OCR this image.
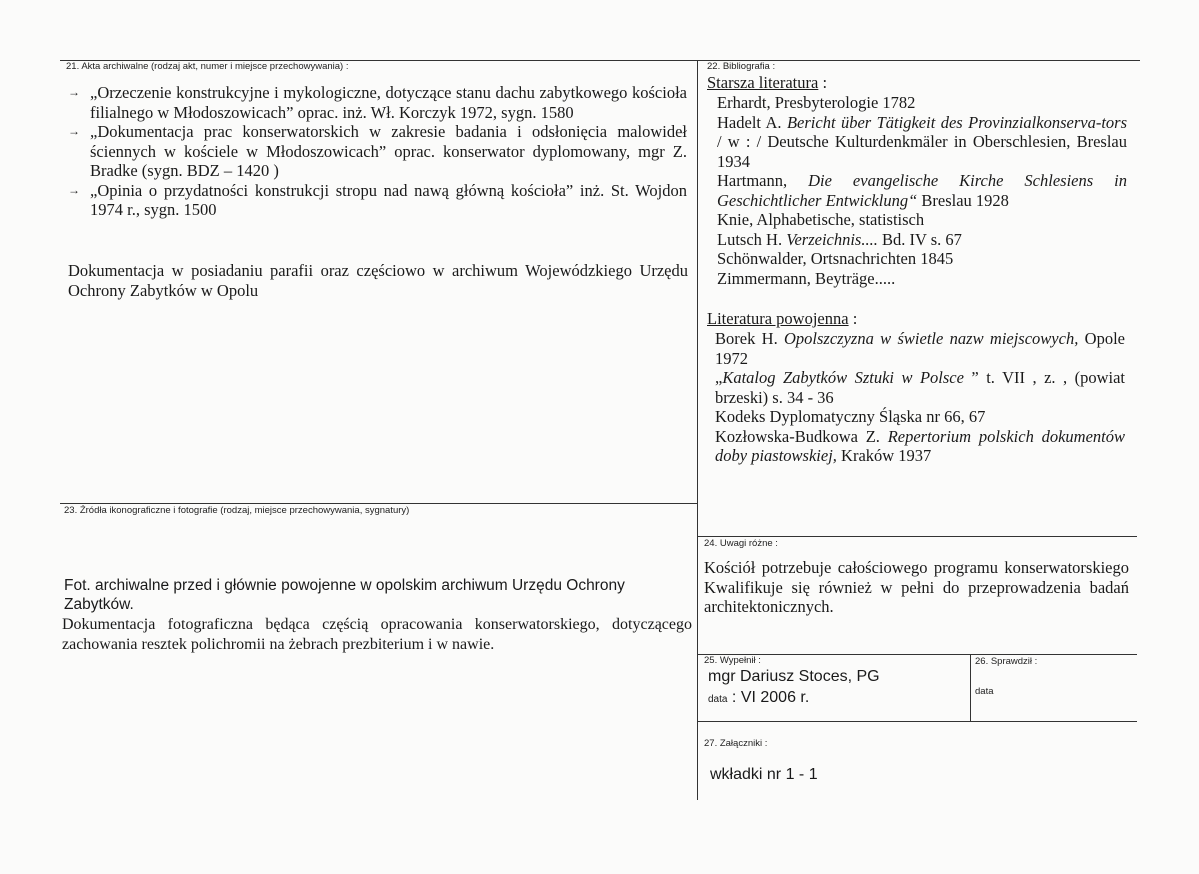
21. Akta archiwalne (rodzaj akt, numer i miejsce przechowywania) :
→ „Orzeczenie konstrukcyjne i mykologiczne, dotyczące stanu dachu zabytkowego kościoła filialnego w Młodoszowicach” oprac. inż. Wł. Korczyk 1972, sygn. 1580
→ „Dokumentacja prac konserwatorskich w zakresie badania i odsłonięcia malowideł ściennych w kościele w Młodoszowicach” oprac. konserwator dyplomowany, mgr Z. Bradke (sygn. BDZ – 1420 )
→ „Opinia o przydatności konstrukcji stropu nad nawą główną kościoła” inż. St. Wojdon 1974 r., sygn. 1500
Dokumentacja w posiadaniu parafii oraz częściowo w archiwum Wojewódzkiego Urzędu Ochrony Zabytków w Opolu
22. Bibliografia :
Starsza literatura :
Erhardt, Presbyterologie 1782
Hadelt A. Bericht über Tätigkeit des Provinzialkonserva-tors / w : / Deutsche Kulturdenkmäler in Oberschlesien, Breslau 1934
Hartmann, Die evangelische Kirche Schlesiens in Geschichtlicher Entwicklung“ Breslau 1928
Knie, Alphabetische, statistisch
Lutsch H. Verzeichnis.... Bd. IV s. 67
Schönwalder, Ortsnachrichten 1845
Zimmermann, Beyträge.....
Literatura powojenna :
Borek H. Opolszczyzna w świetle nazw miejscowych, Opole 1972
„Katalog Zabytków Sztuki w Polsce ” t. VII , z. , (powiat brzeski) s. 34 - 36
Kodeks Dyplomatyczny Śląska nr 66, 67
Kozłowska-Budkowa Z. Repertorium polskich dokumentów doby piastowskiej, Kraków 1937
23. Źródła ikonograficzne i fotografie (rodzaj, miejsce przechowywania, sygnatury)
Fot. archiwalne przed i głównie powojenne w opolskim archiwum Urzędu Ochrony Zabytków.
Dokumentacja fotograficzna będąca częścią opracowania konserwatorskiego, dotyczącego zachowania resztek polichromii na żebrach prezbiterium i w nawie.
24. Uwagi różne :
Kościół potrzebuje całościowego programu konserwatorskiego Kwalifikuje się również w pełni do przeprowadzenia badań architektonicznych.
25. Wypełnił :
mgr Dariusz Stoces, PG
data : VI 2006 r.
26. Sprawdził :
data
27. Załączniki :
wkładki nr 1 - 1
